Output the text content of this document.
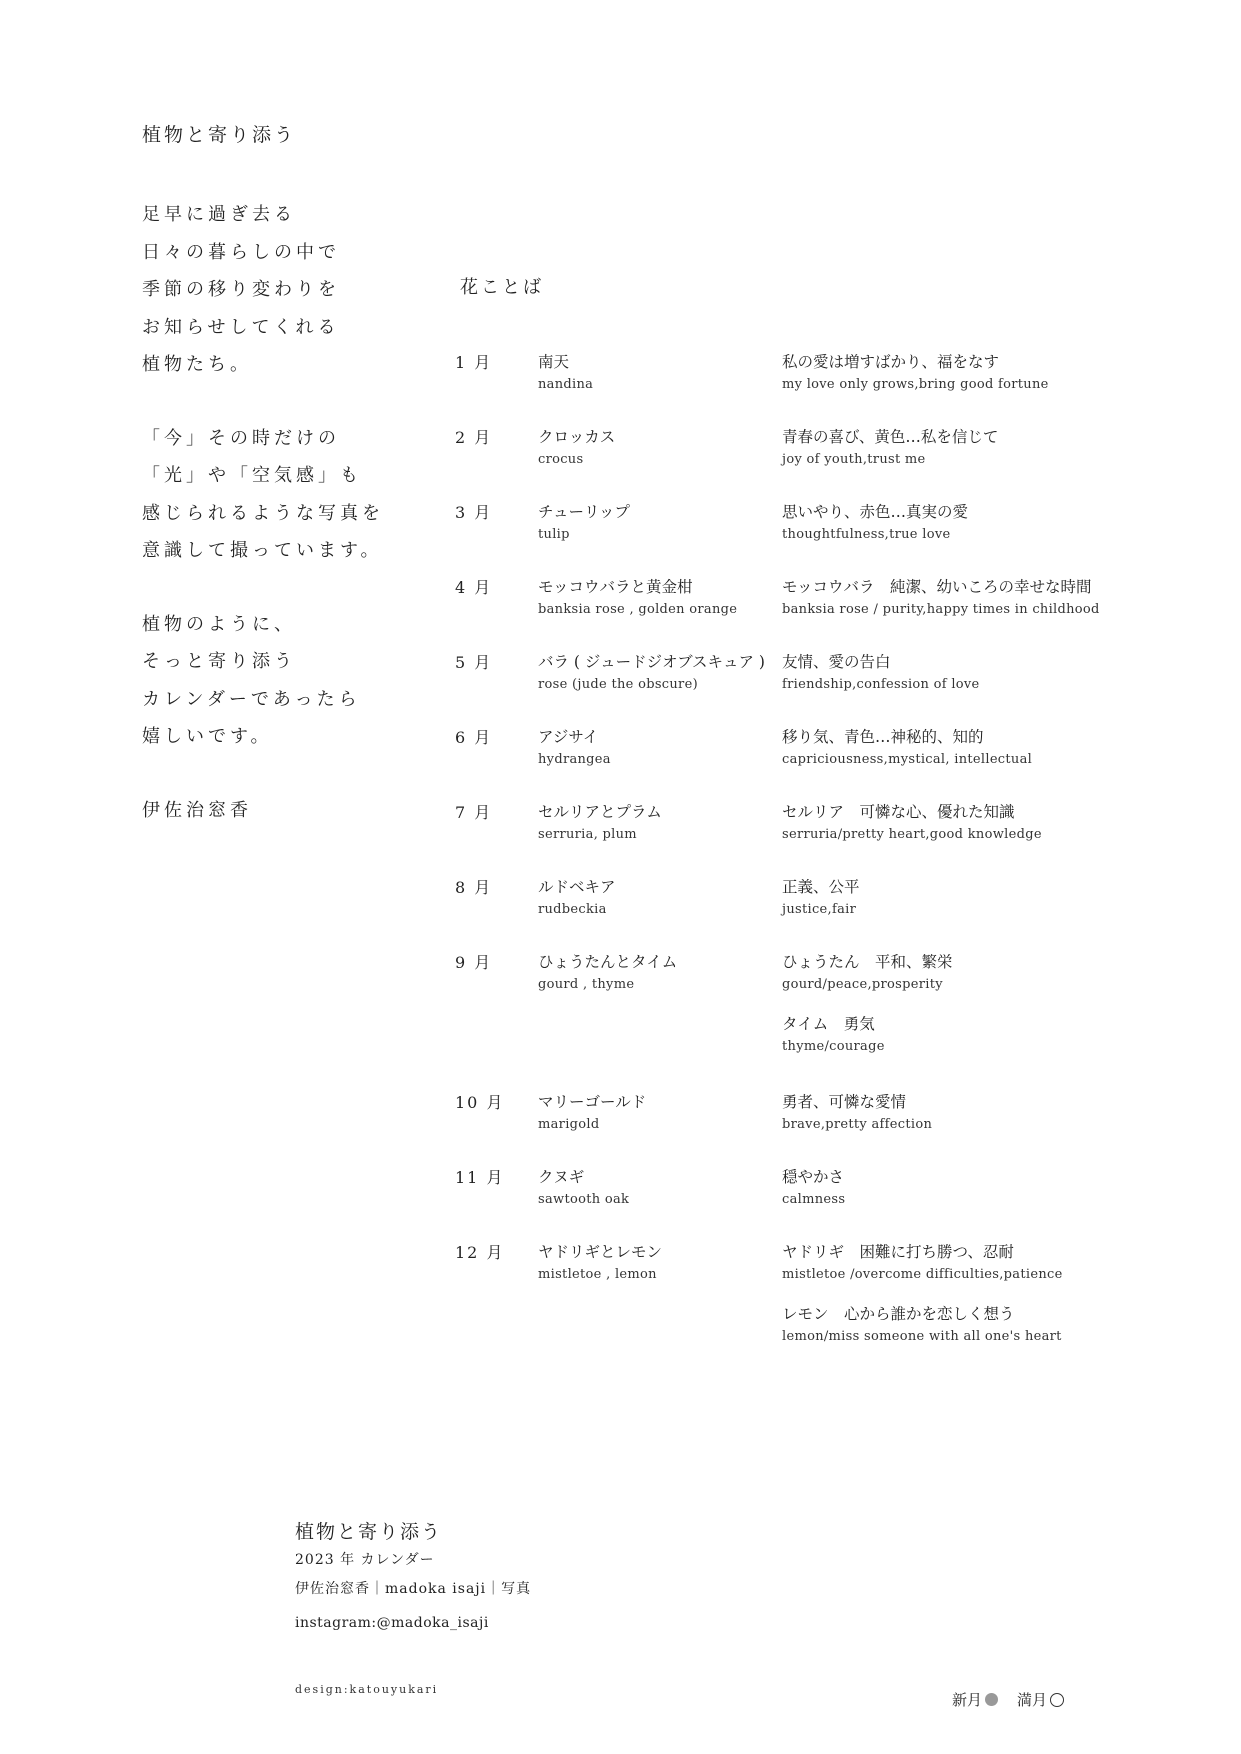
植物と寄り添う
足早に過ぎ去る
日々の暮らしの中で
季節の移り変わりを
お知らせしてくれる
植物たち。
「今」その時だけの
「光」や「空気感」も
感じられるような写真を
意識して撮っています。
植物のように、
そっと寄り添う
カレンダーであったら
嬉しいです。
伊佐治窓香
花ことば
1 月	南天
nandina
私の愛は増すばかり、福をなす
my love only grows,bring good fortune
2 月	クロッカス
crocus
青春の喜び、黄色…私を信じて
joy of youth,trust me
3 月	チューリップ
tulip
思いやり、赤色…真実の愛
thoughtfulness,true love
4 月	モッコウバラと黄金柑
banksia rose , golden orange
モッコウバラ　純潔、幼いころの幸せな時間
banksia rose / purity,happy times in childhood
5 月	バラ ( ジュードジオブスキュア )
rose (jude the obscure)
友情、愛の告白
friendship,confession of love
6 月	アジサイ
hydrangea
移り気、青色…神秘的、知的
capriciousness,mystical, intellectual
7 月	セルリアとプラム
serruria, plum
セルリア　可憐な心、優れた知識
serruria/pretty heart,good knowledge
8 月	ルドベキア
rudbeckia
正義、公平
justice,fair
9 月	ひょうたんとタイム
gourd , thyme
ひょうたん　平和、繁栄
gourd/peace,prosperity
タイム　勇気
thyme/courage
10 月 マリーゴールド
marigold
勇者、可憐な愛情
brave,pretty affection
11 月 クヌギ
sawtooth oak
穏やかさ
calmness
12 月 ヤドリギとレモン
mistletoe , lemon
ヤドリギ　困難に打ち勝つ、忍耐
mistletoe /overcome difficulties,patience
レモン　心から誰かを恋しく想う
lemon/miss someone with all one's heart
植物と寄り添う
2023 年 カレンダー
伊佐治窓香｜madoka isaji｜写真
instagram:@madoka_isaji
design:katouyukari
新月 満月
